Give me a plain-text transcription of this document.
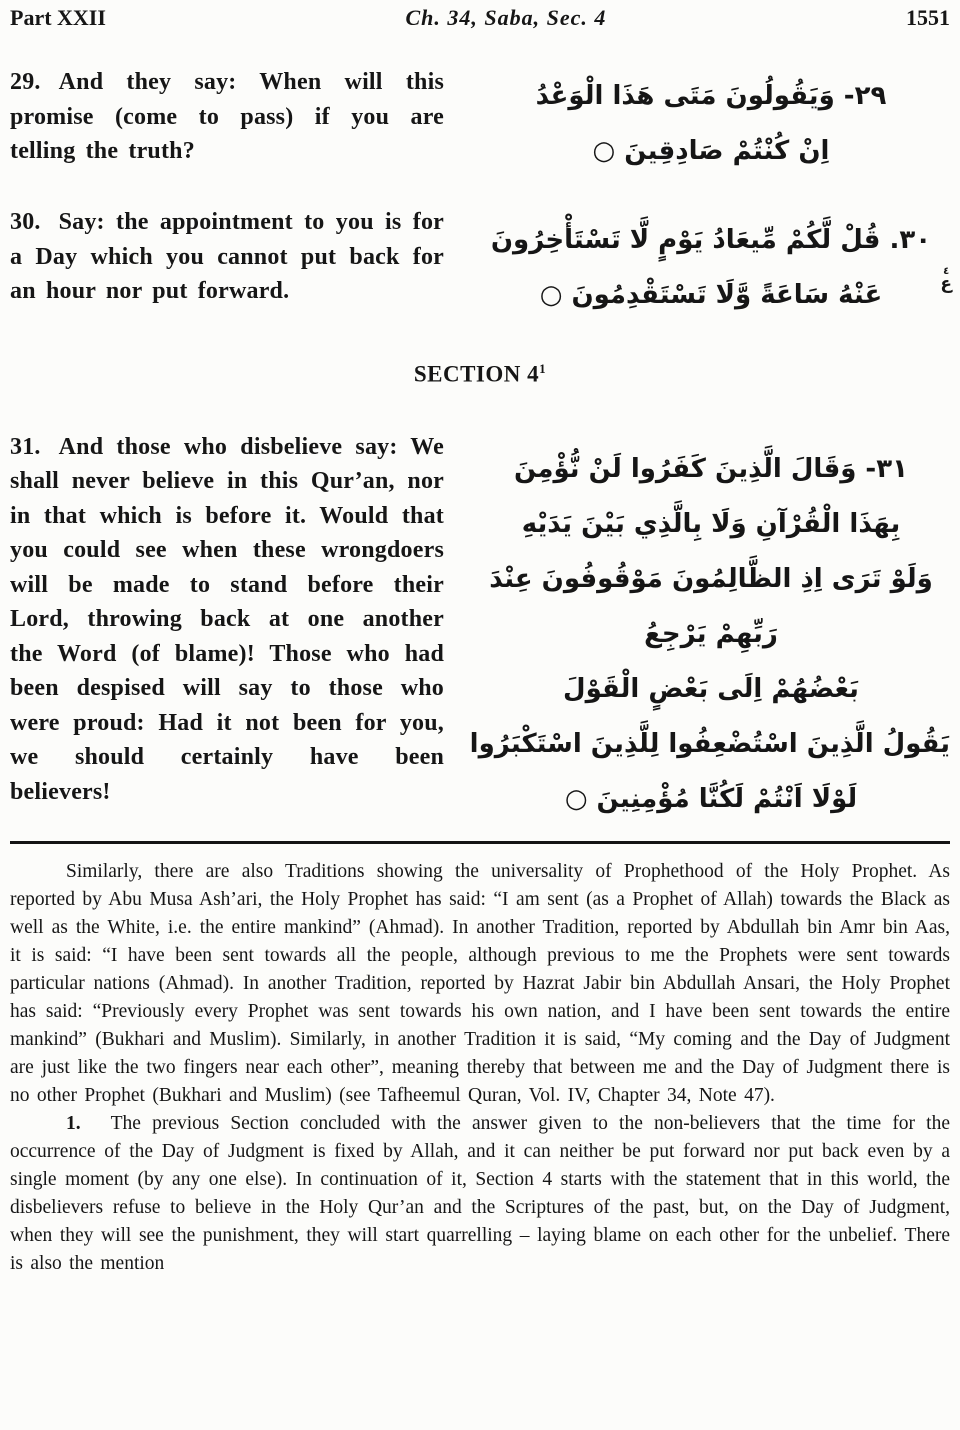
Part XXII	Ch. 34, Saba, Sec. 4	1551

29. And they say: When will this promise (come to pass) if you are telling the truth?

٢٩- وَيَقُولُونَ مَتَى هَذَا الْوَعْدُ
اِنْ كُنْتُمْ صَادِقِينَ ○

30. Say: the appointment to you is for a Day which you cannot put back for an hour nor put forward.

٣٠. قُلْ لَّكُمْ مِّيعَادُ يَوْمٍ لَّا تَسْتَأْخِرُونَ
عَنْهُ سَاعَةً وَّلَا تَسْتَقْدِمُونَ ○
٤
ع
SECTION $4^1$

31. And those who disbelieve say: We shall never believe in this Qur’an, nor in that which is before it. Would that you could see when these wrongdoers will be made to stand before their Lord, throwing back at one another the Word (of blame)! Those who had been despised will say to those who were proud: Had it not been for you, we should certainly have been believers!

٣١- وَقَالَ الَّذِينَ كَفَرُوا لَنْ نُّؤْمِنَ
بِهَذَا الْقُرْآنِ وَلَا بِالَّذِي بَيْنَ يَدَيْهِ
وَلَوْ تَرَى اِذِ الظَّالِمُونَ مَوْقُوفُونَ عِنْدَ
رَبِّهِمْ يَرْجِعُ
بَعْضُهُمْ اِلَى بَعْضٍ الْقَوْلَ
يَقُولُ الَّذِينَ اسْتُضْعِفُوا لِلَّذِينَ اسْتَكْبَرُوا
لَوْلَا اَنْتُمْ لَكُنَّا مُؤْمِنِينَ ○

Similarly, there are also Traditions showing the universality of Prophethood of the Holy Prophet. As reported by Abu Musa Ash’ari, the Holy Prophet has said: “I am sent (as a Prophet of Allah) towards the Black as well as the White, i.e. the entire mankind” (Ahmad). In another Tradition, reported by Abdullah bin Amr bin Aas, it is said: “I have been sent towards all the people, although previous to me the Prophets were sent towards particular nations (Ahmad). In another Tradition, reported by Hazrat Jabir bin Abdullah Ansari, the Holy Prophet has said: “Previously every Prophet was sent towards his own nation, and I have been sent towards the entire mankind” (Bukhari and Muslim). Similarly, in another Tradition it is said, “My coming and the Day of Judgment are just like the two fingers near each other”, meaning thereby that between me and the Day of Judgment there is no other Prophet (Bukhari and Muslim) (see Tafheemul Quran, Vol. IV, Chapter 34, Note 47).

1. The previous Section concluded with the answer given to the non-believers that the time for the occurrence of the Day of Judgment is fixed by Allah, and it can neither be put forward nor put back even by a single moment (by any one else). In continuation of it, Section 4 starts with the statement that in this world, the disbelievers refuse to believe in the Holy Qur’an and the Scriptures of the past, but, on the Day of Judgment, when they will see the punishment, they will start quarrelling – laying blame on each other for the unbelief. There is also the mention
